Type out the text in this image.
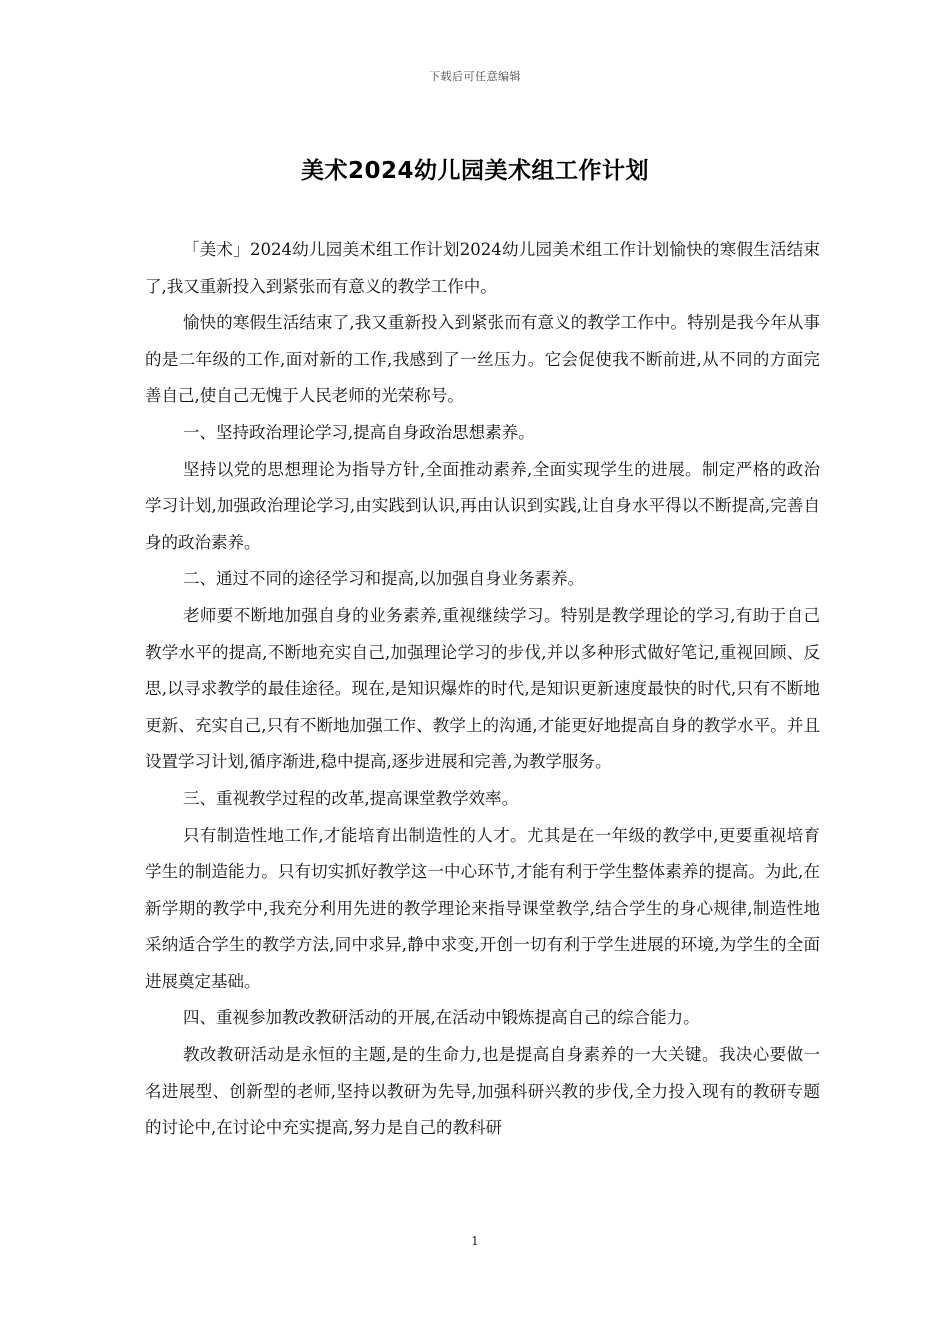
下载后可任意编辑
美术2024幼儿园美术组工作计划

「美术」2024幼儿园美术组工作计划2024幼儿园美术组工作计划愉快的寒假生活结束了,我又重新投入到紧张而有意义的教学工作中。

愉快的寒假生活结束了,我又重新投入到紧张而有意义的教学工作中。特别是我今年从事的是二年级的工作,面对新的工作,我感到了一丝压力。它会促使我不断前进,从不同的方面完善自己,使自己无愧于人民老师的光荣称号。

一、坚持政治理论学习,提高自身政治思想素养。

坚持以党的思想理论为指导方针,全面推动素养,全面实现学生的进展。制定严格的政治学习计划,加强政治理论学习,由实践到认识,再由认识到实践,让自身水平得以不断提高,完善自身的政治素养。

二、通过不同的途径学习和提高,以加强自身业务素养。

老师要不断地加强自身的业务素养,重视继续学习。特别是教学理论的学习,有助于自己教学水平的提高,不断地充实自己,加强理论学习的步伐,并以多种形式做好笔记,重视回顾、反思,以寻求教学的最佳途径。现在,是知识爆炸的时代,是知识更新速度最快的时代,只有不断地更新、充实自己,只有不断地加强工作、教学上的沟通,才能更好地提高自身的教学水平。并且设置学习计划,循序渐进,稳中提高,逐步进展和完善,为教学服务。

三、重视教学过程的改革,提高课堂教学效率。

只有制造性地工作,才能培育出制造性的人才。尤其是在一年级的教学中,更要重视培育学生的制造能力。只有切实抓好教学这一中心环节,才能有利于学生整体素养的提高。为此,在新学期的教学中,我充分利用先进的教学理论来指导课堂教学,结合学生的身心规律,制造性地采纳适合学生的教学方法,同中求异,静中求变,开创一切有利于学生进展的环境,为学生的全面进展奠定基础。

四、重视参加教改教研活动的开展,在活动中锻炼提高自己的综合能力。

教改教研活动是永恒的主题,是的生命力,也是提高自身素养的一大关键。我决心要做一名进展型、创新型的老师,坚持以教研为先导,加强科研兴教的步伐,全力投入现有的教研专题的讨论中,在讨论中充实提高,努力是自己的教科研

1
